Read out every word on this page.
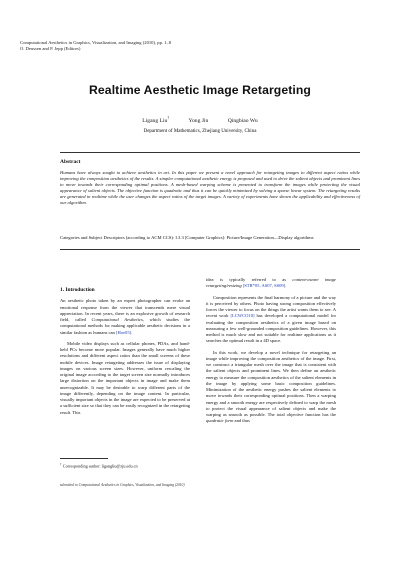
Computational Aesthetics in Graphics, Visualization, and Imaging (2010), pp. 1–8
O. Deussen and P. Jepp (Editors)
Realtime Aesthetic Image Retargeting
Ligang Liu†	Yong Jin	Qingbiao Wu
Department of Mathematics, Zhejiang University, China
Abstract
Humans have always sought to achieve aesthetics in art. In this paper we present a novel approach for retargeting images to different aspect ratios while improving the composition aesthetics of the results. A simpler computational aesthetic energy is proposed and used to drive the salient objects and prominent lines to move towards their corresponding optimal positions. A mesh-based warping scheme is presented to transform the images while protecting the visual appearance of salient objects. The objective function is quadratic and thus it can be quickly minimized by solving a sparse linear system. The retargeting results are generated in realtime while the user changes the aspect ratios of the target images. A variety of experiments have shown the applicability and effectiveness of our algorithm.
Categories and Subject Descriptors (according to ACM CCS): I.3.3 [Computer Graphics]: Picture/Image Generation—Display algorithms
1. Introduction

An aesthetic photo taken by an expert photographer can evoke an emotional response from the viewer that transcends mere visual appreciation. In recent years, there is an explosive growth of research field, called Computational Aesthetics, which studies the computational methods for making applicable aesthetic decisions in a similar fashion as humans can [Hoe05].

Mobile video displays such as cellular phones, PDAs, and hand-held PCs become more popular. Images generally have much higher resolutions and different aspect ratios than the small screens of these mobile devices. Image retargeting addresses the issue of displaying images on various screen sizes. However, uniform rescaling the original image according to the target screen size normally introduces large distortion on the important objects in image and make them unrecognizable. It may be desirable to warp different parts of the image differently, depending on the image content. In particular, visually important objects in the image are expected to be preserved at a sufficient size so that they can be easily recognized in the retargeting result. This

idea is typically referred to as content-aware image retargeting/resizing [STR*05, AS07, SS09].

Composition represents the final harmony of a picture and the way it is perceived by others. Photo having strong composition effectively forces the viewer to focus on the things the artist wants them to see. A recent work [LCWCO10] has developed a computational model for evaluating the composition aesthetics of a given image based on measuring a few well-grounded composition guidelines. However, this method is much slow and not suitable for realtime applications as it searches the optimal result in a 4D space.

In this work, we develop a novel technique for retargeting an image while improving the composition aesthetics of the image. First, we construct a triangular mesh over the image that is consistent with the salient objects and prominent lines. We then define an aesthetic energy to measure the composition aesthetics of the salient elements in the image by applying some basic composition guidelines. Minimization of the aesthetic energy pushes the salient elements to move towards their corresponding optimal positions. Then a warping energy and a smooth energy are respectively defined to warp the mesh to protect the visual appearance of salient objects and make the warping as smooth as possible. The total objective function has the quadratic form and thus

† Corresponding author: ligangliu@zju.edu.cn
submitted to Computational Aesthetics in Graphics, Visualization, and Imaging (2010)
